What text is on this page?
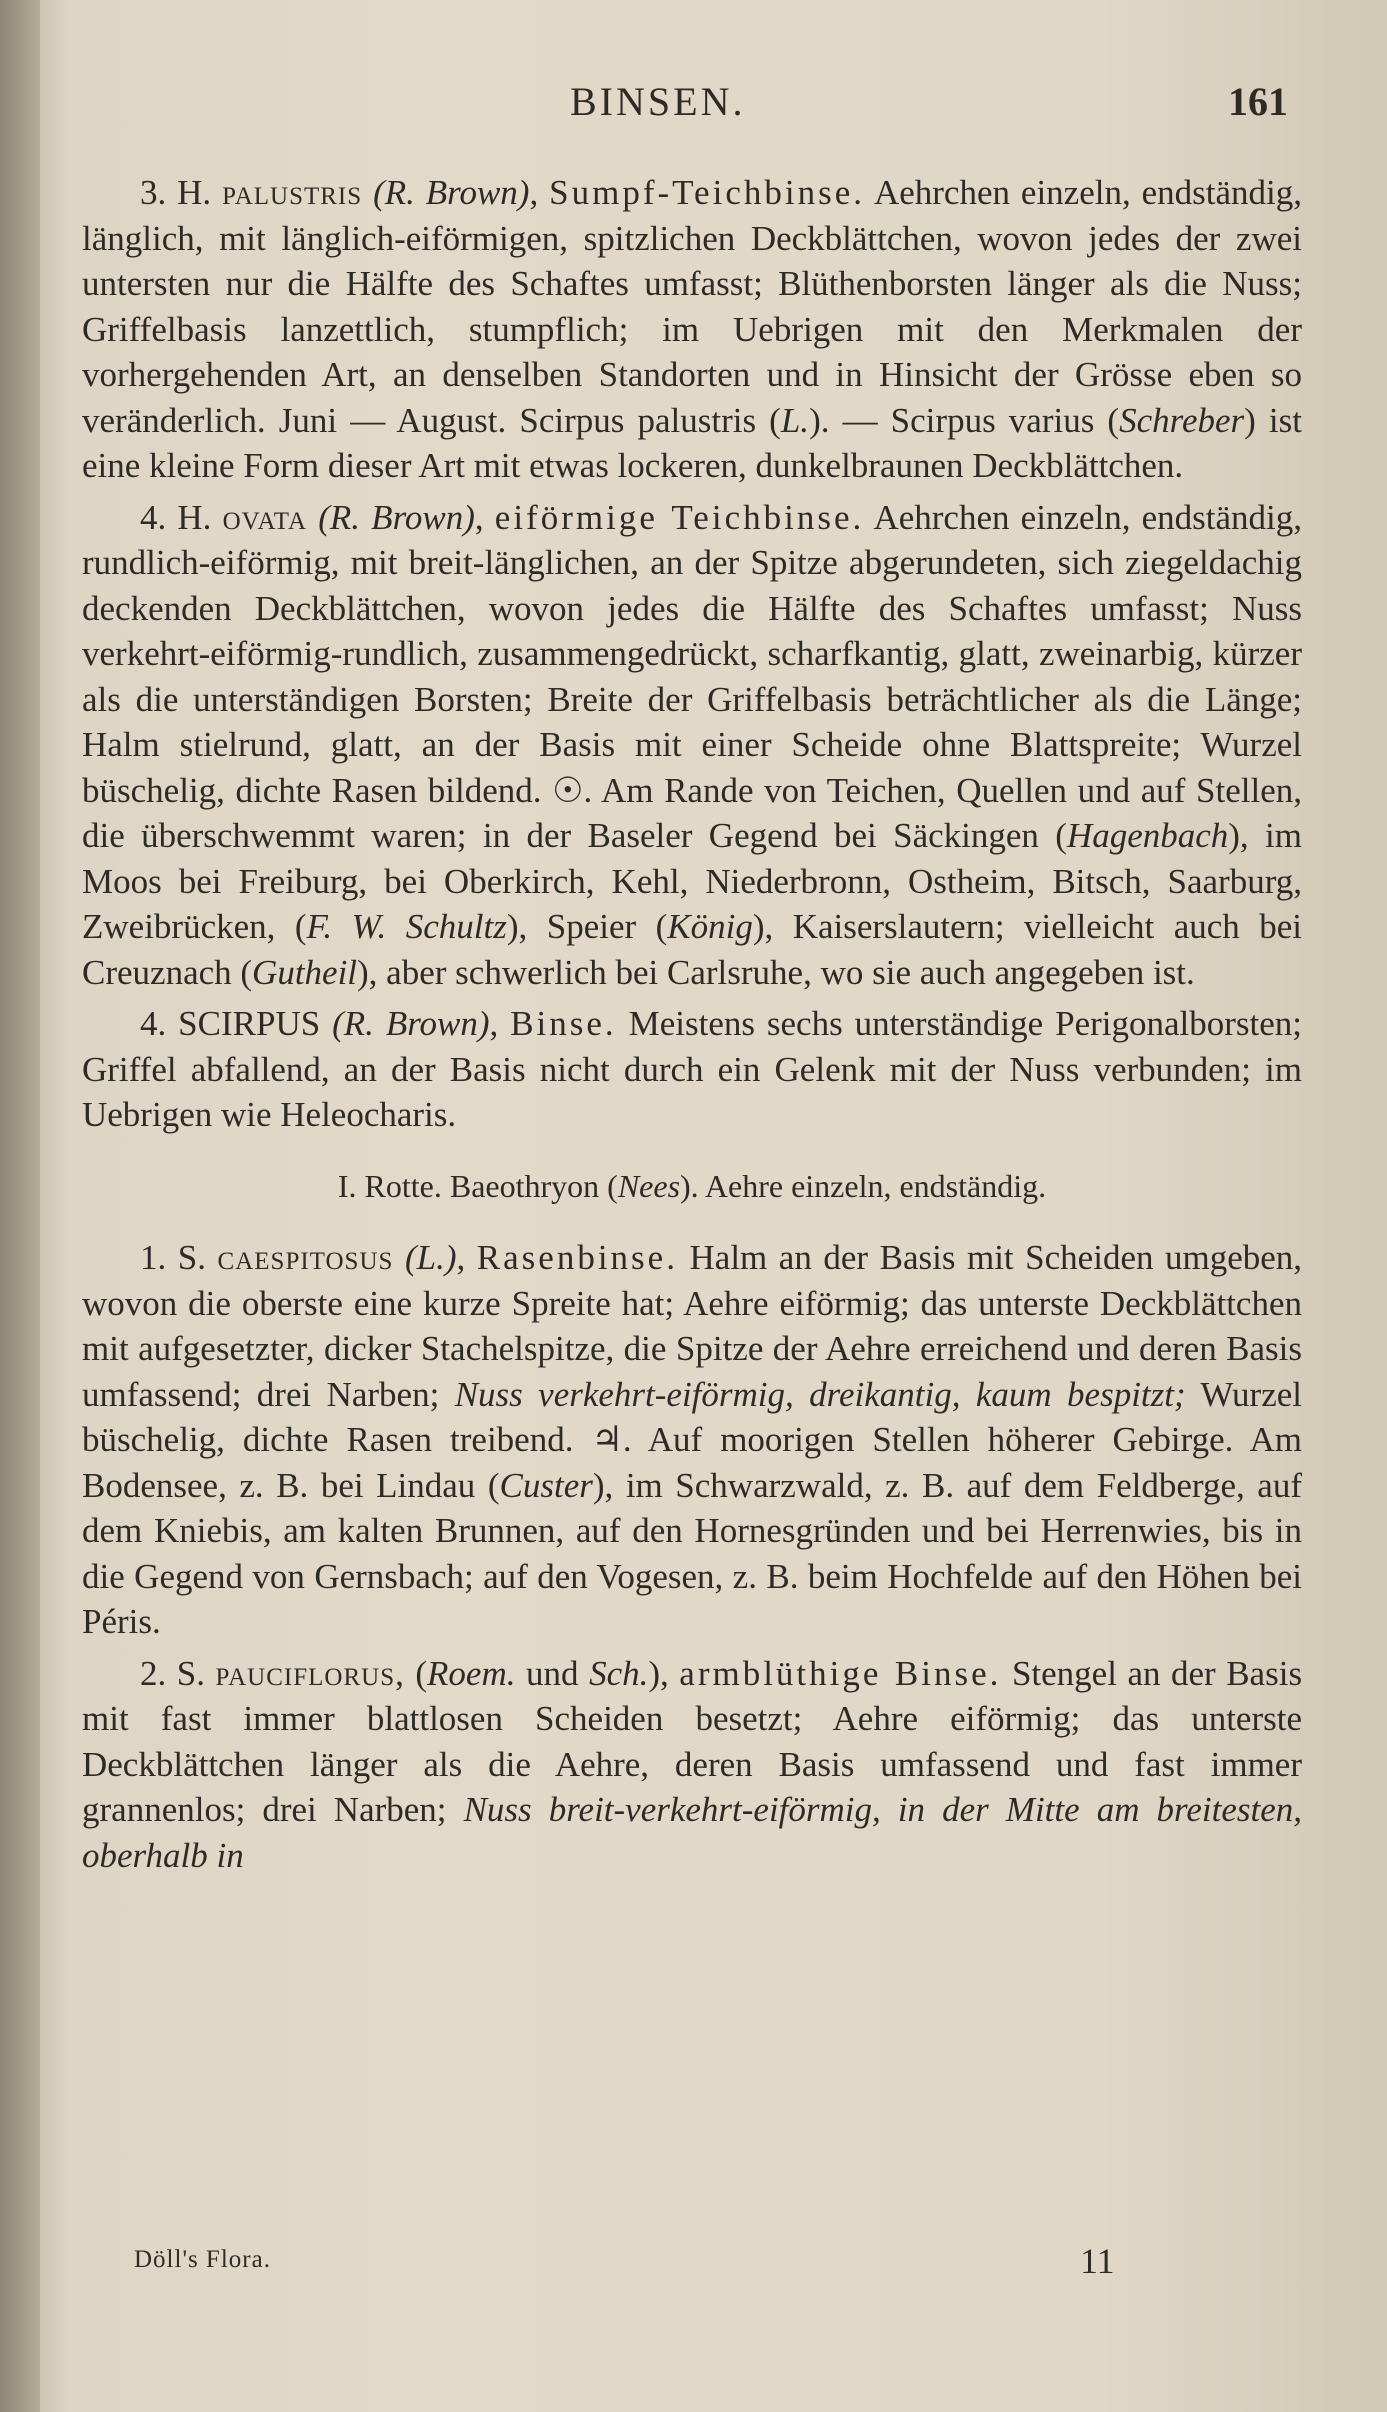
BINSEN.	161

3. H. palustris (R. Brown), Sumpf-Teichbinse. Aehrchen einzeln, endständig, länglich, mit länglich-eiförmigen, spitzlichen Deckblättchen, wovon jedes der zwei untersten nur die Hälfte des Schaftes umfasst; Blüthenborsten länger als die Nuss; Griffelbasis lanzettlich, stumpflich; im Uebrigen mit den Merkmalen der vorhergehenden Art, an denselben Standorten und in Hinsicht der Grösse eben so veränderlich. Juni — August. Scirpus palustris (L.). — Scirpus varius (Schreber) ist eine kleine Form dieser Art mit etwas lockeren, dunkelbraunen Deckblättchen.

4. H. ovata (R. Brown), eiförmige Teichbinse. Aehrchen einzeln, endständig, rundlich-eiförmig, mit breit-länglichen, an der Spitze abgerundeten, sich ziegeldachig deckenden Deckblättchen, wovon jedes die Hälfte des Schaftes umfasst; Nuss verkehrt-eiförmig-rundlich, zusammengedrückt, scharfkantig, glatt, zweinarbig, kürzer als die unterständigen Borsten; Breite der Griffelbasis beträchtlicher als die Länge; Halm stielrund, glatt, an der Basis mit einer Scheide ohne Blattspreite; Wurzel büschelig, dichte Rasen bildend. ☉. Am Rande von Teichen, Quellen und auf Stellen, die überschwemmt waren; in der Baseler Gegend bei Säckingen (Hagenbach), im Moos bei Freiburg, bei Oberkirch, Kehl, Niederbronn, Ostheim, Bitsch, Saarburg, Zweibrücken, (F. W. Schultz), Speier (König), Kaiserslautern; vielleicht auch bei Creuznach (Gutheil), aber schwerlich bei Carlsruhe, wo sie auch angegeben ist.

4. SCIRPUS (R. Brown), Binse. Meistens sechs unterständige Perigonalborsten; Griffel abfallend, an der Basis nicht durch ein Gelenk mit der Nuss verbunden; im Uebrigen wie Heleocharis.

I. Rotte. Baeothryon (Nees). Aehre einzeln, endständig.

1. S. caespitosus (L.), Rasenbinse. Halm an der Basis mit Scheiden umgeben, wovon die oberste eine kurze Spreite hat; Aehre eiförmig; das unterste Deckblättchen mit aufgesetzter, dicker Stachelspitze, die Spitze der Aehre erreichend und deren Basis umfassend; drei Narben; Nuss verkehrt-eiförmig, dreikantig, kaum bespitzt; Wurzel büschelig, dichte Rasen treibend. ♃. Auf moorigen Stellen höherer Gebirge. Am Bodensee, z. B. bei Lindau (Custer), im Schwarzwald, z. B. auf dem Feldberge, auf dem Kniebis, am kalten Brunnen, auf den Hornesgründen und bei Herrenwies, bis in die Gegend von Gernsbach; auf den Vogesen, z. B. beim Hochfelde auf den Höhen bei Péris.

2. S. pauciflorus, (Roem. und Sch.), armblüthige Binse. Stengel an der Basis mit fast immer blattlosen Scheiden besetzt; Aehre eiförmig; das unterste Deckblättchen länger als die Aehre, deren Basis umfassend und fast immer grannenlos; drei Narben; Nuss breit-verkehrt-eiförmig, in der Mitte am breitesten, oberhalb in

Döll's Flora.	11
